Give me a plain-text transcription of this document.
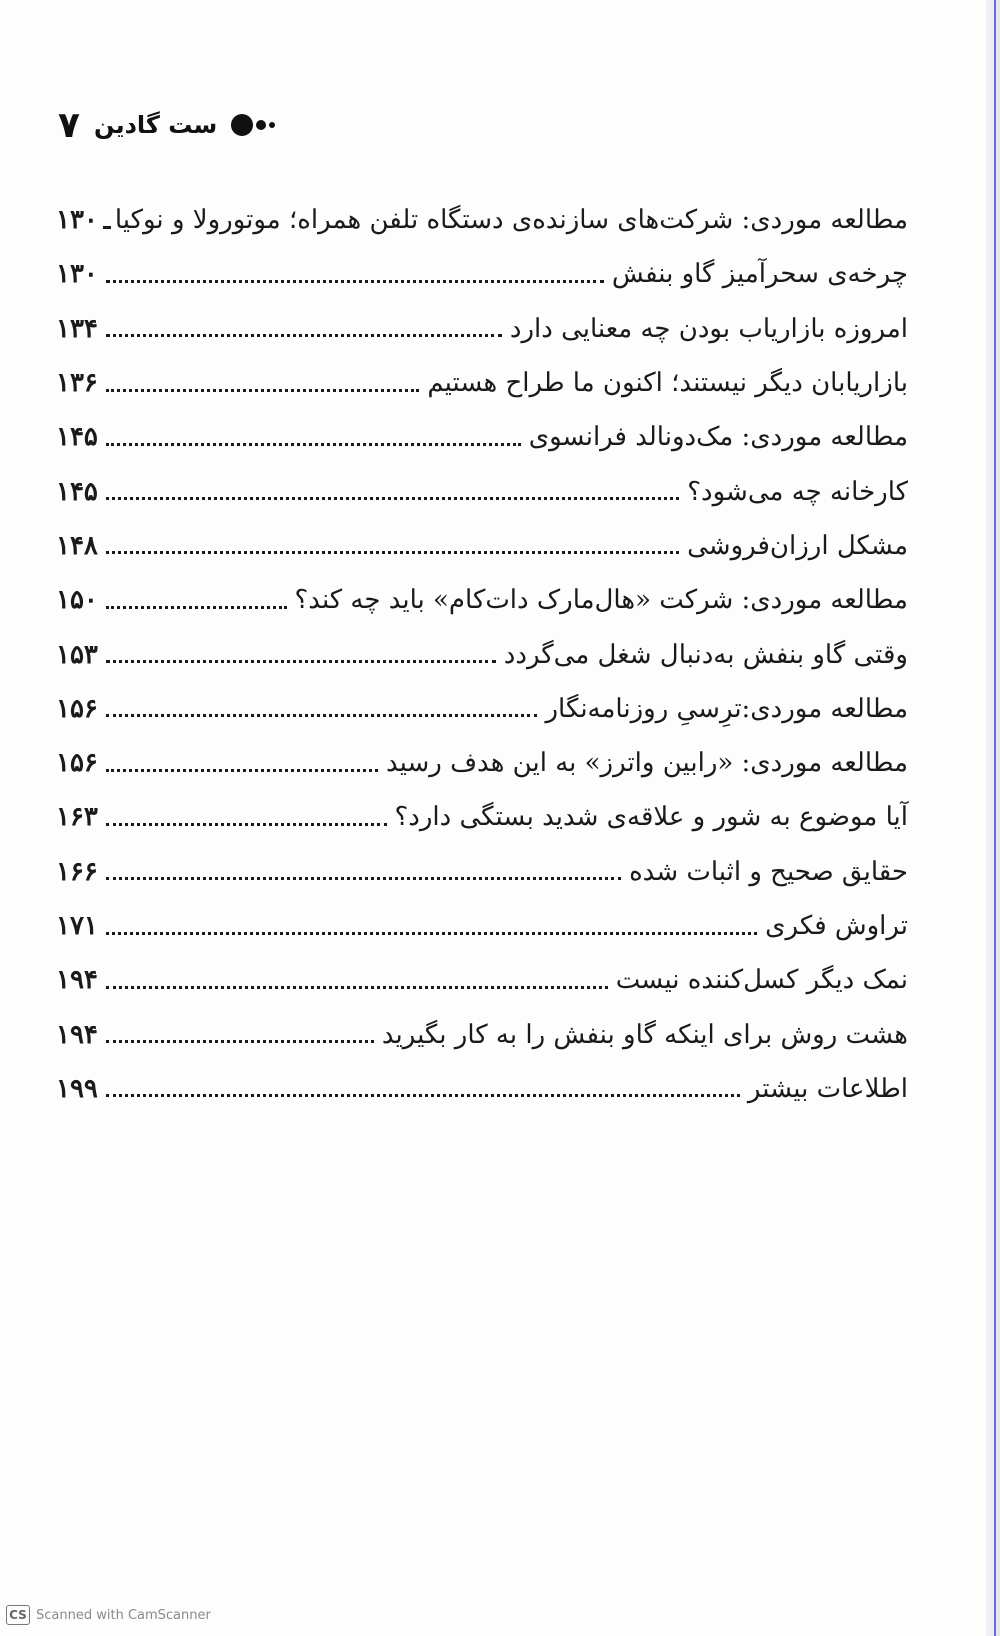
۷ ست گادین
مطالعه موردی: شرکت‌های سازنده‌ی دستگاه تلفن همراه؛ موتورولا و نوکیا
۱۳۰
چرخه‌ی سحرآمیز گاو بنفش
۱۳۰
امروزه بازاریاب بودن چه معنایی دارد
۱۳۴
بازاریابان دیگر نیستند؛ اکنون ما طراح هستیم
۱۳۶
مطالعه موردی: مک‌دونالد فرانسوی
۱۴۵
کارخانه چه می‌شود؟
۱۴۵
مشکل ارزان‌فروشی
۱۴۸
مطالعه موردی: شرکت «هال‌مارک دات‌کام» باید چه کند؟
۱۵۰
وقتی گاو بنفش به‌دنبال شغل می‌گردد
۱۵۳
مطالعه موردی:ترِسیِ روزنامه‌نگار
۱۵۶
مطالعه موردی: «رابین واترز» به این هدف رسید
۱۵۶
آیا موضوع به شور و علاقه‌ی شدید بستگی دارد؟
۱۶۳
حقایق صحیح و اثبات شده
۱۶۶
تراوش فکری
۱۷۱
نمک دیگر کسل‌کننده نیست
۱۹۴
هشت روش برای اینکه گاو بنفش را به کار بگیرید
۱۹۴
اطلاعات بیشتر
۱۹۹
CS Scanned with CamScanner
